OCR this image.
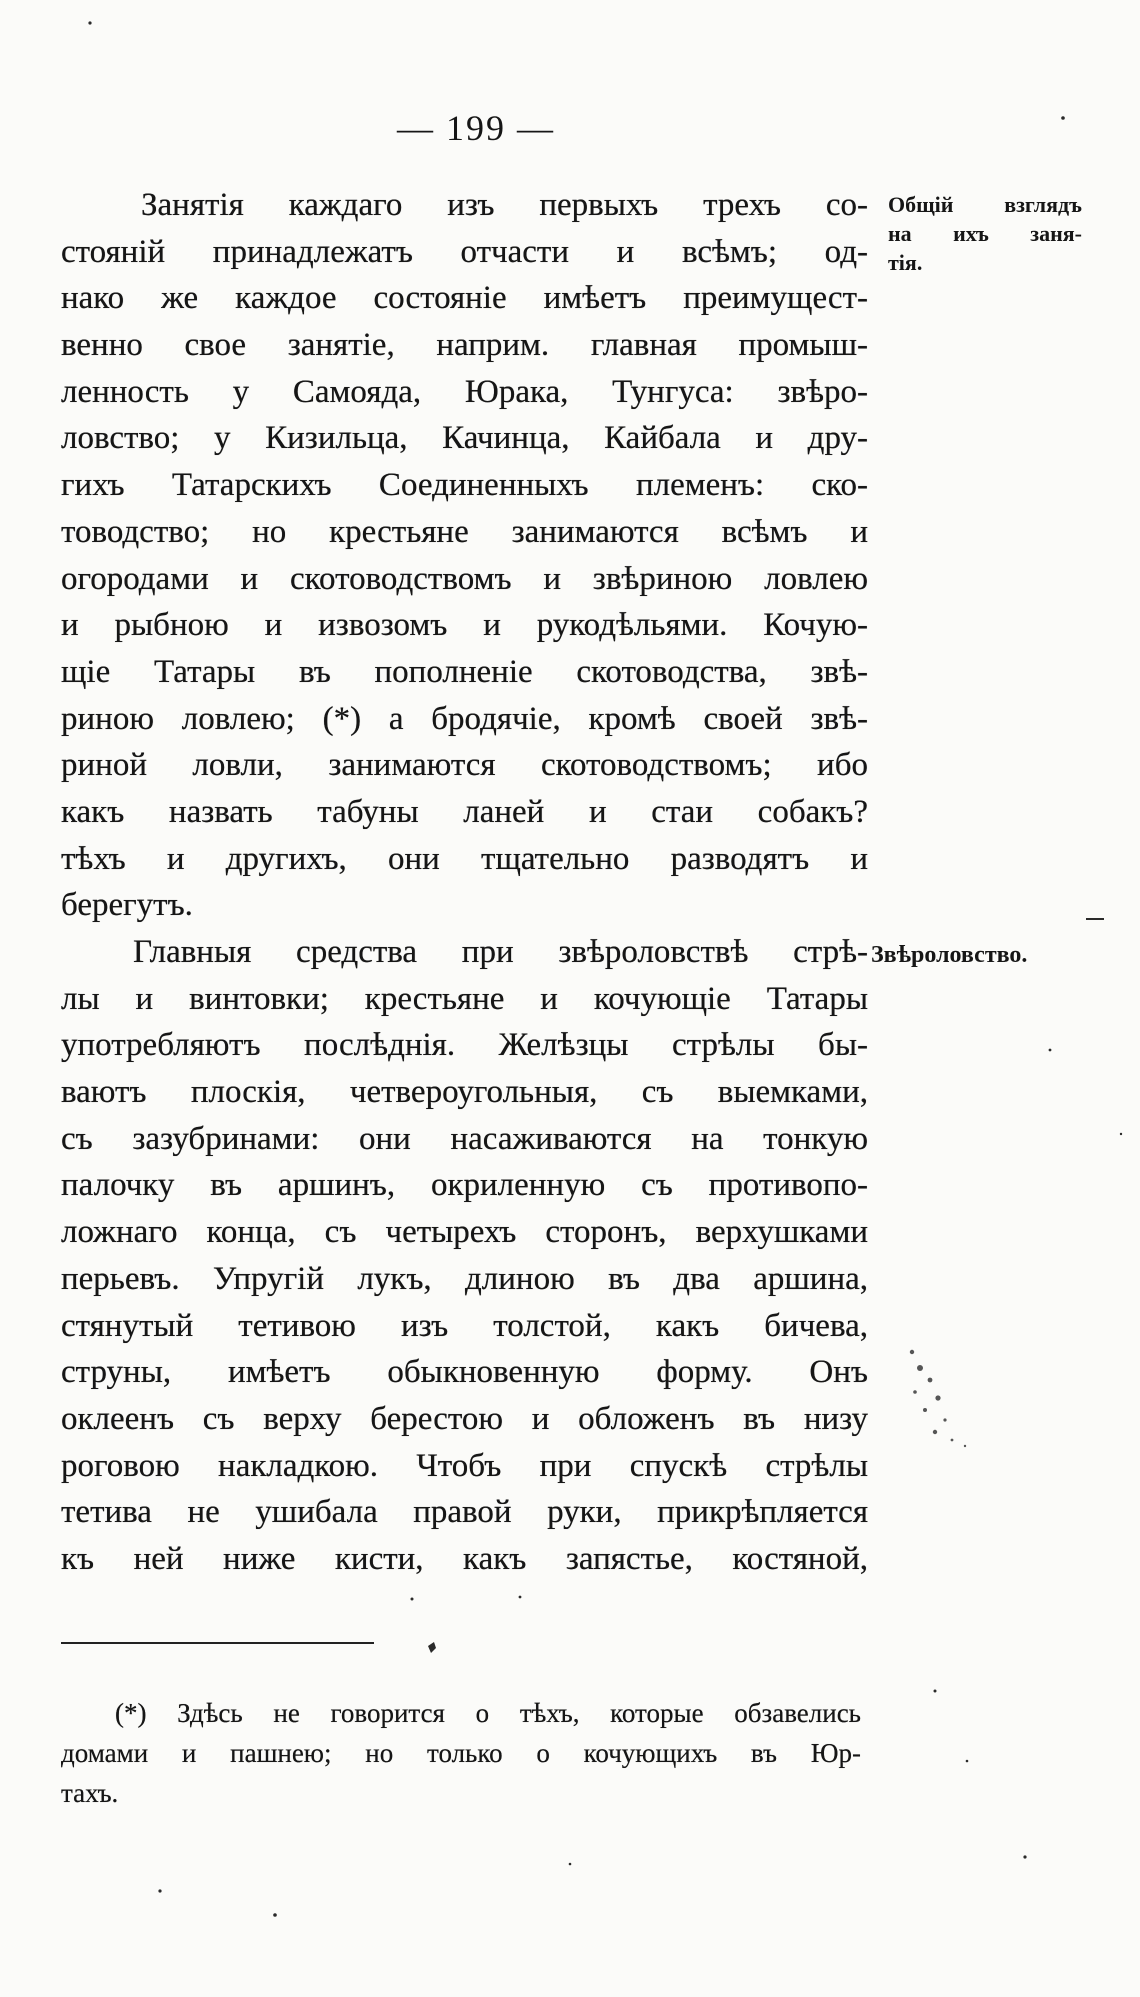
— 199 —
Занятія каждаго изъ первыхъ трехъ со-
стояній принадлежатъ отчасти и всѣмъ; од-
нако же каждое состояніе имѣетъ преимущест-
венно свое занятіе, наприм. главная промыш-
ленность у Самояда, Юрака, Тунгуса: звѣро-
ловство; у Кизильца, Качинца, Кайбала и дру-
гихъ Татарскихъ Соединенныхъ племенъ: ско-
товодство; но крестьяне занимаются всѣмъ и
огородами и скотоводствомъ и звѣриною ловлею
и рыбною и извозомъ и рукодѣльями. Кочую-
щіе Татары въ пополненіе скотоводства, звѣ-
риною ловлею; (*) а бродячіе, кромѣ своей звѣ-
риной ловли, занимаются скотоводствомъ; ибо
какъ назвать табуны ланей и стаи собакъ?
тѣхъ и другихъ, они тщательно разводятъ и
берегутъ.
Главныя средства при звѣроловствѣ стрѣ-
лы и винтовки; крестьяне и кочующіе Татары
употребляютъ послѣднія. Желѣзцы стрѣлы бы-
ваютъ плоскія, четвероугольныя, съ выемками,
съ зазубринами: они насаживаются на тонкую
палочку въ аршинъ, окриленную съ противопо-
ложнаго конца, съ четырехъ сторонъ, верхушками
перьевъ. Упругій лукъ, длиною въ два аршина,
стянутый тетивою изъ толстой, какъ бичева,
струны, имѣетъ обыкновенную форму. Онъ
оклеенъ съ верху берестою и обложенъ въ низу
роговою накладкою. Чтобъ при спускѣ стрѣлы
тетива не ушибала правой руки, прикрѣпляется
къ ней ниже кисти, какъ запястье, костяной,
Общій взглядъ
на ихъ заня-
тія.
Звѣроловство.
(*) Здѣсь не говорится о тѣхъ, которые обзавелись
домами и пашнею; но только о кочующихъ въ Юр-
тахъ.
